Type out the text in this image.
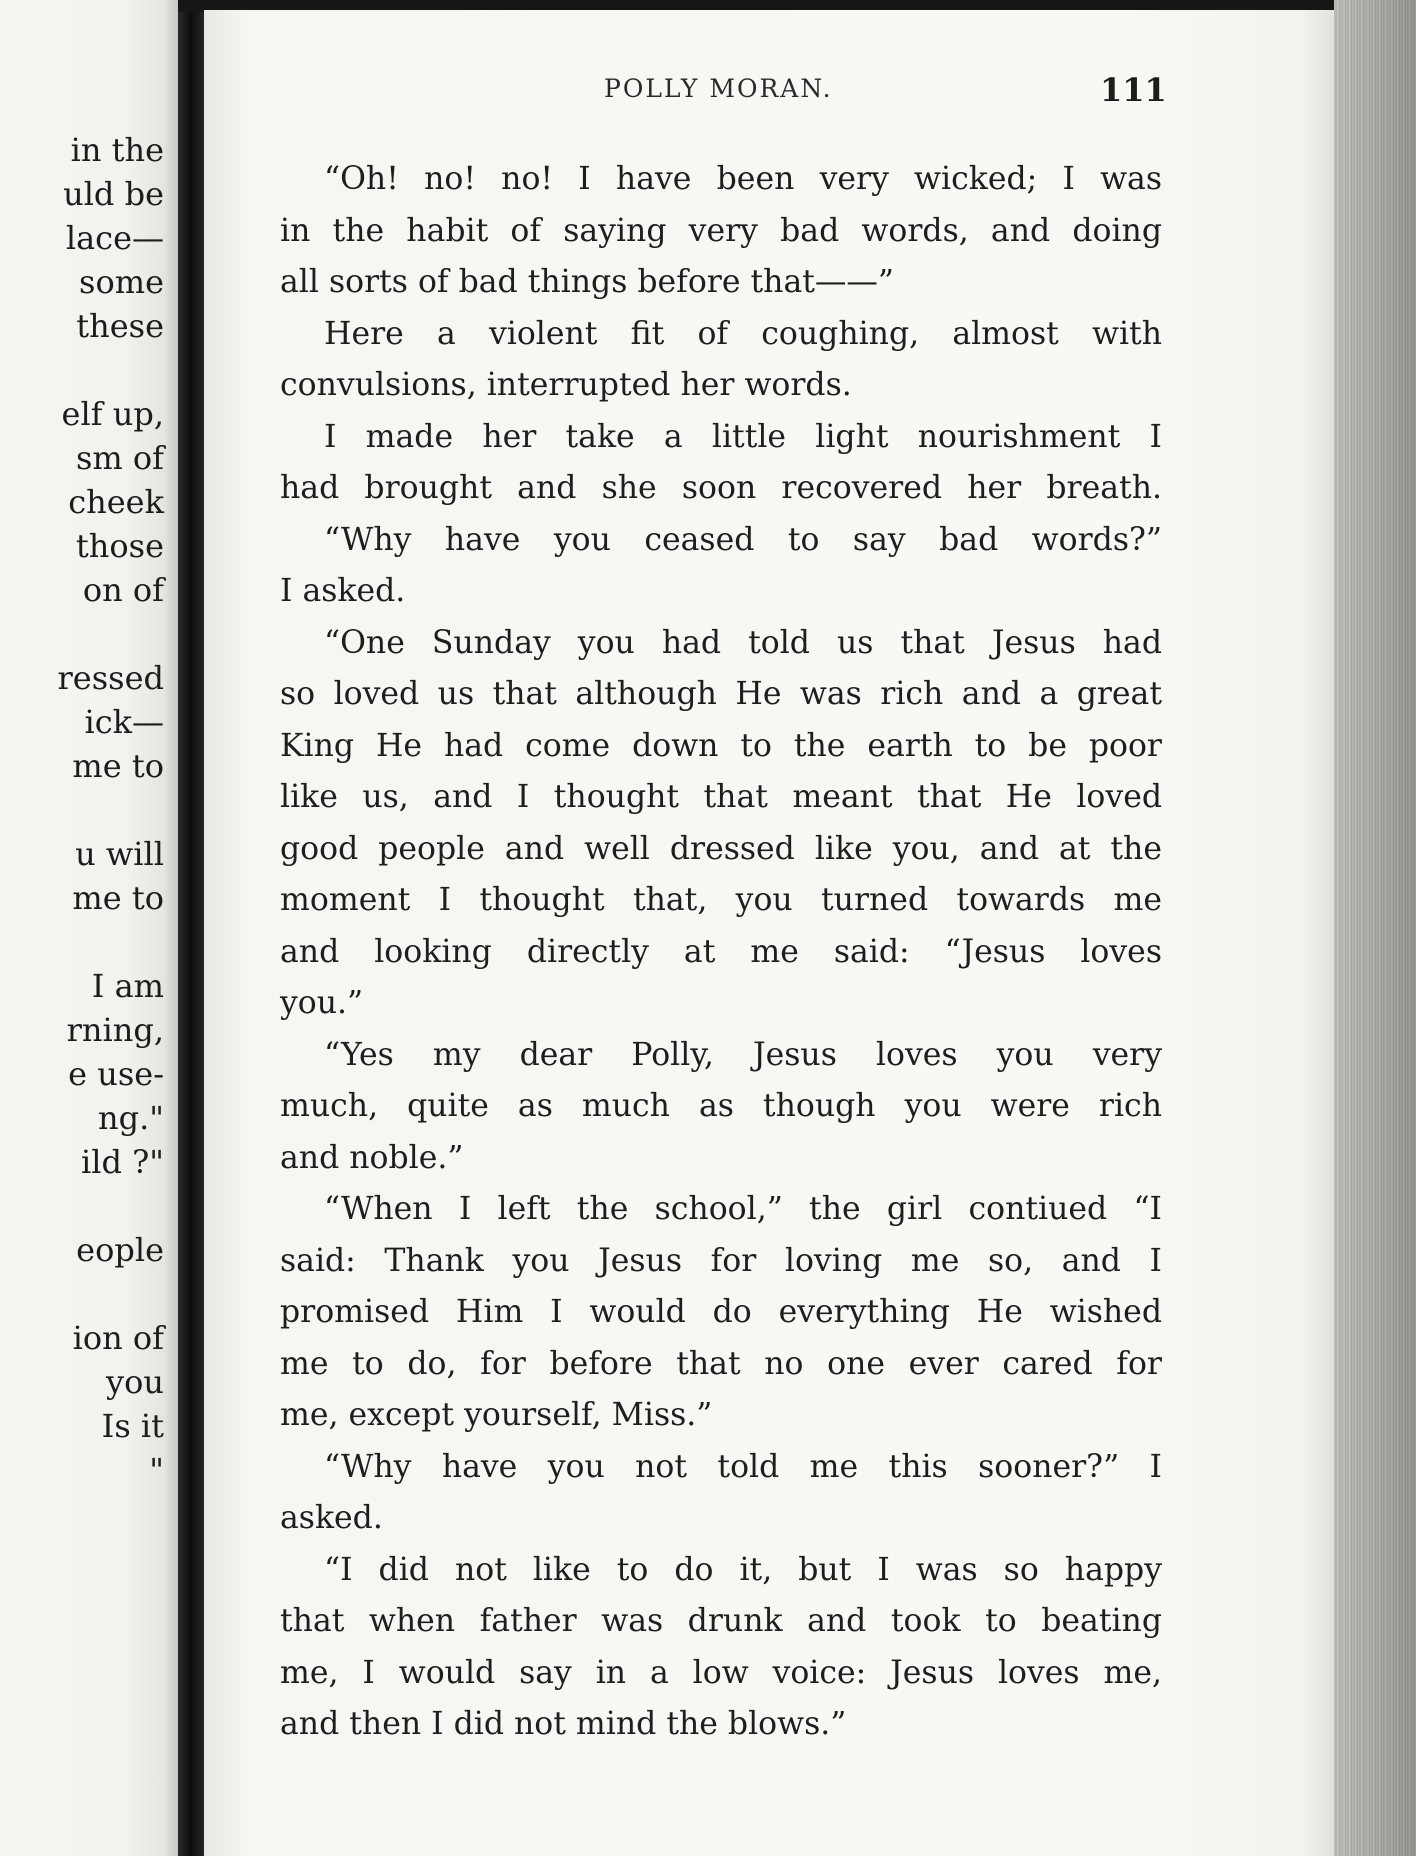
in the
uld be
lace—
some
these
elf up,
sm of
cheek
those
on of
ressed
ick—
me to
u will
me to
I am
rning,
e use-
ng."
ild ?"
eople
ion of
you
Is it
"
POLLY MORAN.	111
“Oh! no! no! I have been very wicked; I was
in the habit of saying very bad words, and doing
all sorts of bad things before that——”
Here a violent fit of coughing, almost with
convulsions, interrupted her words.
I made her take a little light nourishment I
had brought and she soon recovered her breath.
“Why have you ceased to say bad words?”
I asked.
“One Sunday you had told us that Jesus had
so loved us that although He was rich and a great
King He had come down to the earth to be poor
like us, and I thought that meant that He loved
good people and well dressed like you, and at the
moment I thought that, you turned towards me
and looking directly at me said: “Jesus loves
you.”
“Yes my dear Polly, Jesus loves you very
much, quite as much as though you were rich
and noble.”
“When I left the school,” the girl contiued “I
said: Thank you Jesus for loving me so, and I
promised Him I would do everything He wished
me to do, for before that no one ever cared for
me, except yourself, Miss.”
“Why have you not told me this sooner?” I
asked.
“I did not like to do it, but I was so happy
that when father was drunk and took to beating
me, I would say in a low voice: Jesus loves me,
and then I did not mind the blows.”
